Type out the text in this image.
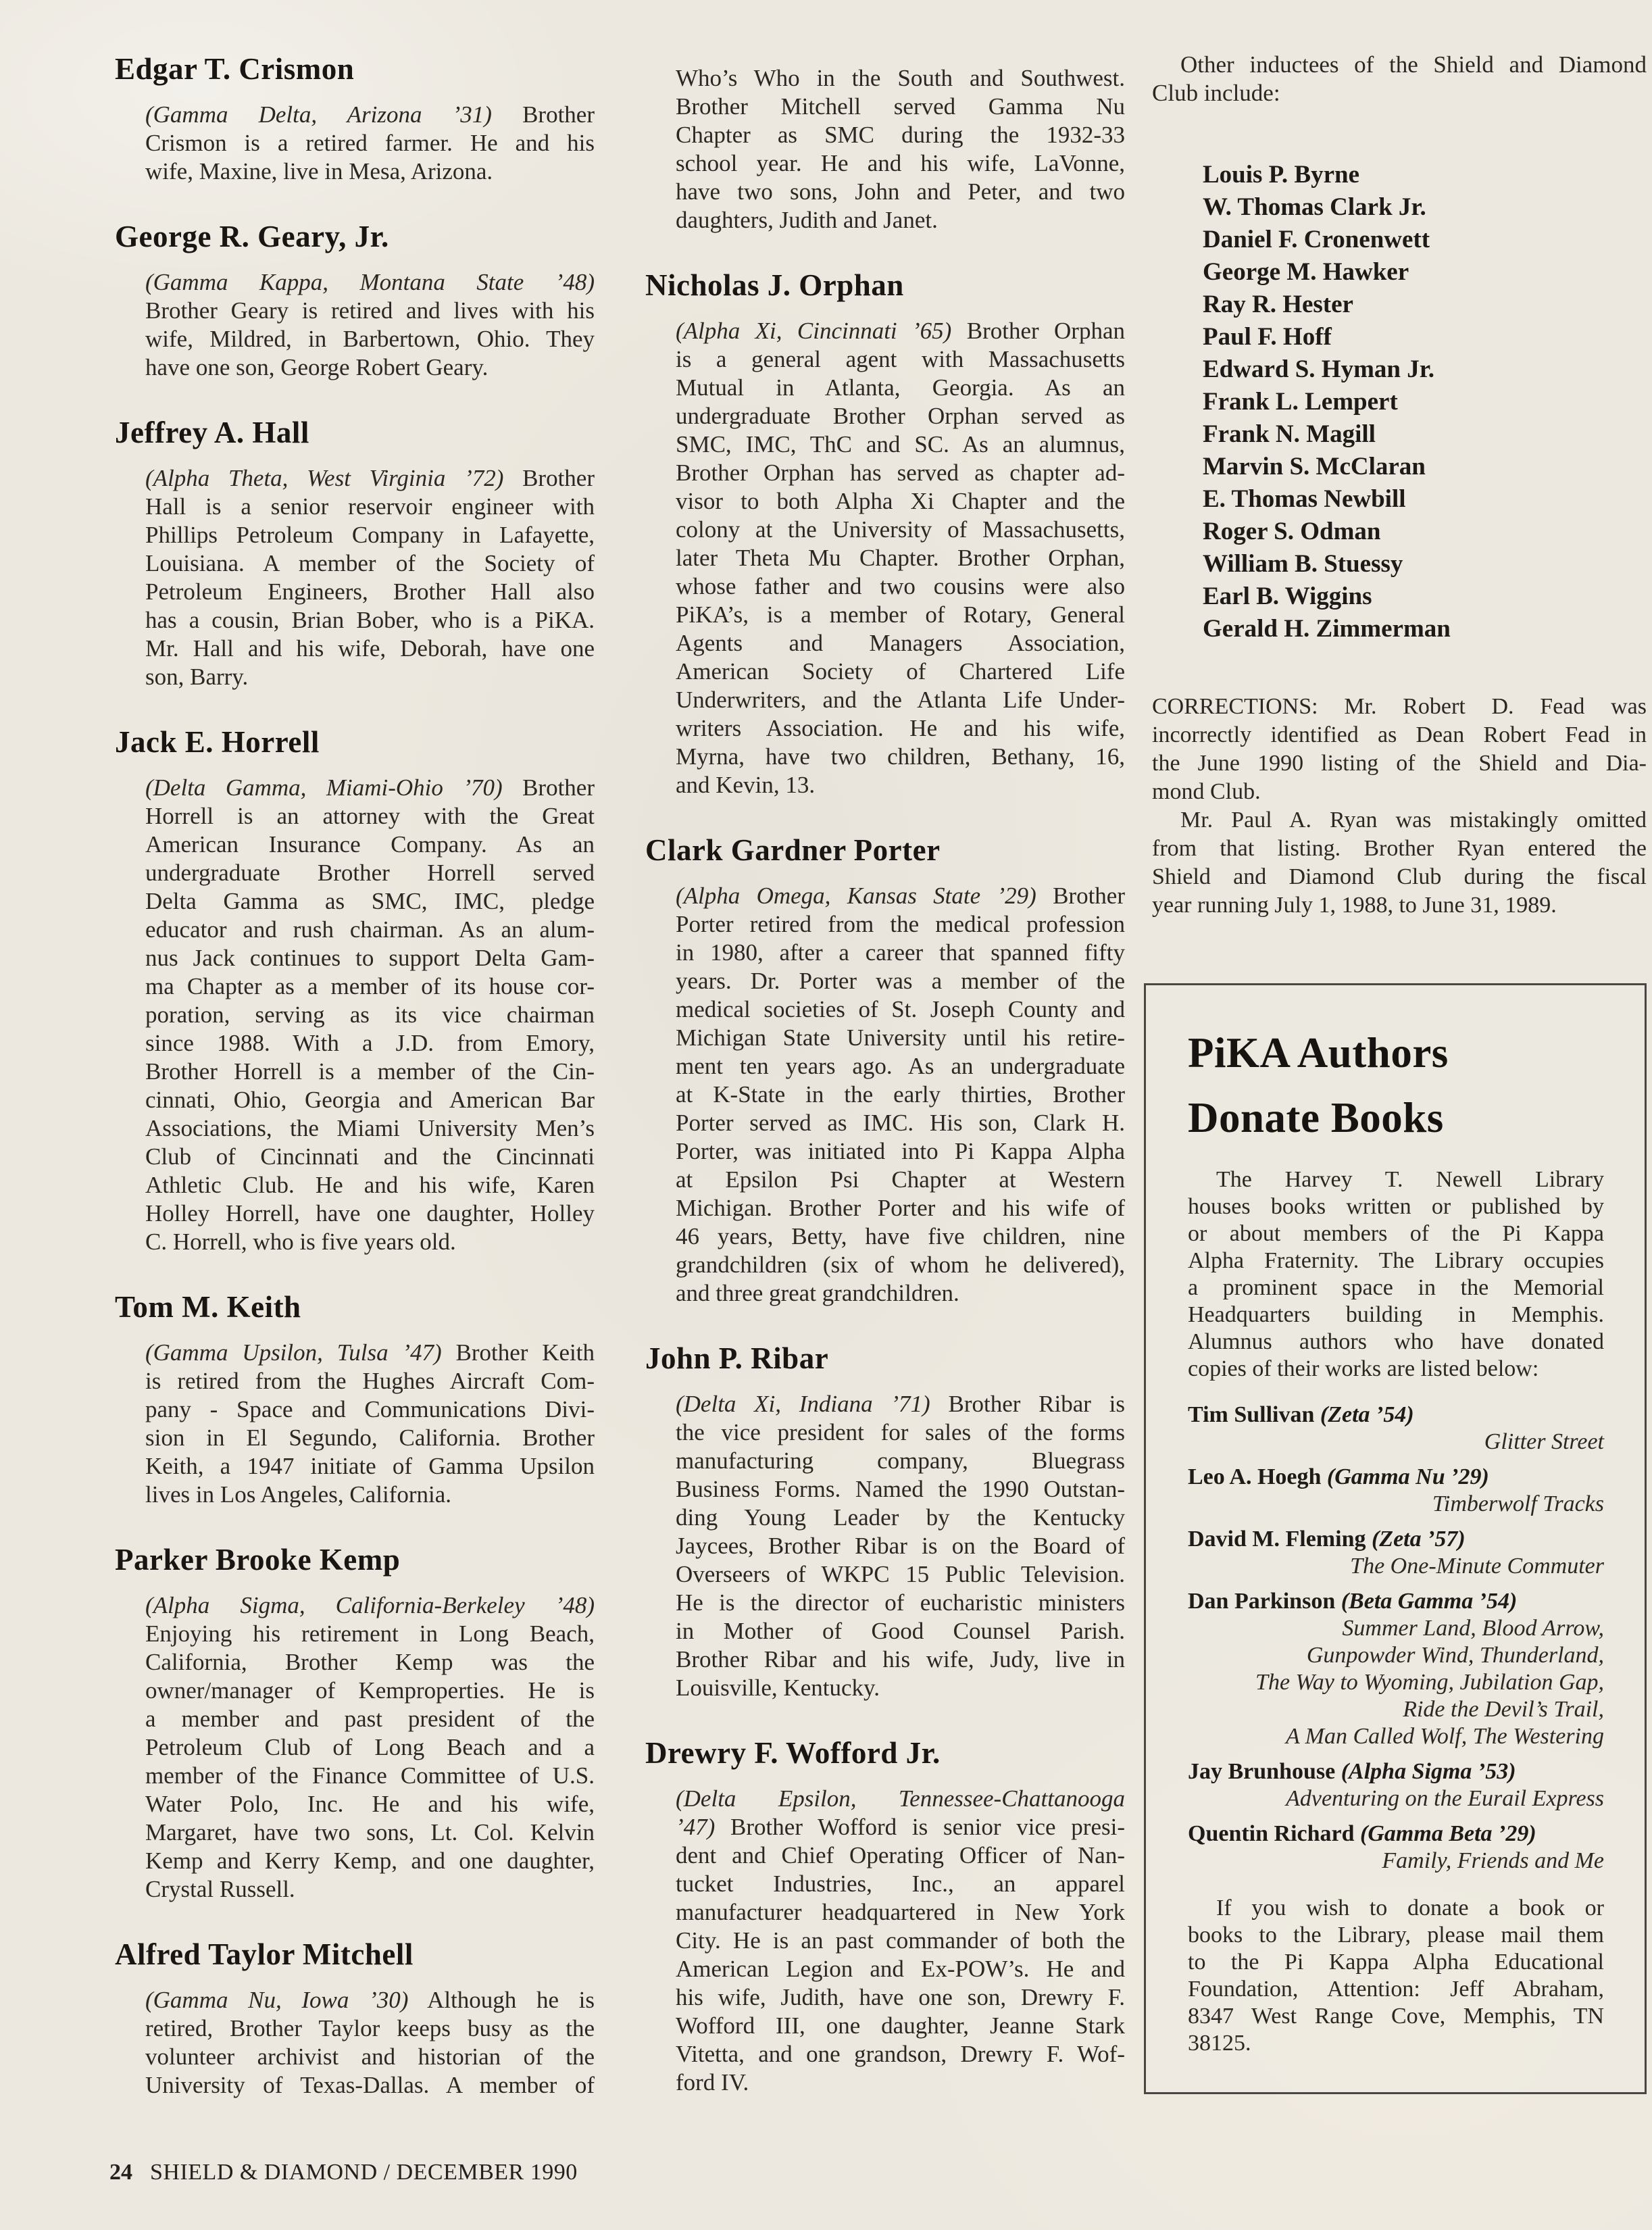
Edgar T. Crismon
(Gamma Delta, Arizona ’31) Brother
Crismon is a retired farmer. He and his
wife, Maxine, live in Mesa, Arizona.
George R. Geary, Jr.
(Gamma Kappa, Montana State ’48)
Brother Geary is retired and lives with his
wife, Mildred, in Barbertown, Ohio. They
have one son, George Robert Geary.
Jeffrey A. Hall
(Alpha Theta, West Virginia ’72) Brother
Hall is a senior reservoir engineer with
Phillips Petroleum Company in Lafayette,
Louisiana. A member of the Society of
Petroleum Engineers, Brother Hall also
has a cousin, Brian Bober, who is a PiKA.
Mr. Hall and his wife, Deborah, have one
son, Barry.
Jack E. Horrell
(Delta Gamma, Miami-Ohio ’70) Brother
Horrell is an attorney with the Great
American Insurance Company. As an
undergraduate Brother Horrell served
Delta Gamma as SMC, IMC, pledge
educator and rush chairman. As an alum-
nus Jack continues to support Delta Gam-
ma Chapter as a member of its house cor-
poration, serving as its vice chairman
since 1988. With a J.D. from Emory,
Brother Horrell is a member of the Cin-
cinnati, Ohio, Georgia and American Bar
Associations, the Miami University Men’s
Club of Cincinnati and the Cincinnati
Athletic Club. He and his wife, Karen
Holley Horrell, have one daughter, Holley
C. Horrell, who is five years old.
Tom M. Keith
(Gamma Upsilon, Tulsa ’47) Brother Keith
is retired from the Hughes Aircraft Com-
pany - Space and Communications Divi-
sion in El Segundo, California. Brother
Keith, a 1947 initiate of Gamma Upsilon
lives in Los Angeles, California.
Parker Brooke Kemp
(Alpha Sigma, California-Berkeley ’48)
Enjoying his retirement in Long Beach,
California, Brother Kemp was the
owner/manager of Kemproperties. He is
a member and past president of the
Petroleum Club of Long Beach and a
member of the Finance Committee of U.S.
Water Polo, Inc. He and his wife,
Margaret, have two sons, Lt. Col. Kelvin
Kemp and Kerry Kemp, and one daughter,
Crystal Russell.
Alfred Taylor Mitchell
(Gamma Nu, Iowa ’30) Although he is
retired, Brother Taylor keeps busy as the
volunteer archivist and historian of the
University of Texas-Dallas. A member of
Who’s Who in the South and Southwest.
Brother Mitchell served Gamma Nu
Chapter as SMC during the 1932-33
school year. He and his wife, LaVonne,
have two sons, John and Peter, and two
daughters, Judith and Janet.
Nicholas J. Orphan
(Alpha Xi, Cincinnati ’65) Brother Orphan
is a general agent with Massachusetts
Mutual in Atlanta, Georgia. As an
undergraduate Brother Orphan served as
SMC, IMC, ThC and SC. As an alumnus,
Brother Orphan has served as chapter ad-
visor to both Alpha Xi Chapter and the
colony at the University of Massachusetts,
later Theta Mu Chapter. Brother Orphan,
whose father and two cousins were also
PiKA’s, is a member of Rotary, General
Agents and Managers Association,
American Society of Chartered Life
Underwriters, and the Atlanta Life Under-
writers Association. He and his wife,
Myrna, have two children, Bethany, 16,
and Kevin, 13.
Clark Gardner Porter
(Alpha Omega, Kansas State ’29) Brother
Porter retired from the medical profession
in 1980, after a career that spanned fifty
years. Dr. Porter was a member of the
medical societies of St. Joseph County and
Michigan State University until his retire-
ment ten years ago. As an undergraduate
at K-State in the early thirties, Brother
Porter served as IMC. His son, Clark H.
Porter, was initiated into Pi Kappa Alpha
at Epsilon Psi Chapter at Western
Michigan. Brother Porter and his wife of
46 years, Betty, have five children, nine
grandchildren (six of whom he delivered),
and three great grandchildren.
John P. Ribar
(Delta Xi, Indiana ’71) Brother Ribar is
the vice president for sales of the forms
manufacturing company, Bluegrass
Business Forms. Named the 1990 Outstan-
ding Young Leader by the Kentucky
Jaycees, Brother Ribar is on the Board of
Overseers of WKPC 15 Public Television.
He is the director of eucharistic ministers
in Mother of Good Counsel Parish.
Brother Ribar and his wife, Judy, live in
Louisville, Kentucky.
Drewry F. Wofford Jr.
(Delta Epsilon, Tennessee-Chattanooga
’47) Brother Wofford is senior vice presi-
dent and Chief Operating Officer of Nan-
tucket Industries, Inc., an apparel
manufacturer headquartered in New York
City. He is an past commander of both the
American Legion and Ex-POW’s. He and
his wife, Judith, have one son, Drewry F.
Wofford III, one daughter, Jeanne Stark
Vitetta, and one grandson, Drewry F. Wof-
ford IV.
Other inductees of the Shield and Diamond
Club include:
Louis P. Byrne
W. Thomas Clark Jr.
Daniel F. Cronenwett
George M. Hawker
Ray R. Hester
Paul F. Hoff
Edward S. Hyman Jr.
Frank L. Lempert
Frank N. Magill
Marvin S. McClaran
E. Thomas Newbill
Roger S. Odman
William B. Stuessy
Earl B. Wiggins
Gerald H. Zimmerman
CORRECTIONS: Mr. Robert D. Fead was
incorrectly identified as Dean Robert Fead in
the June 1990 listing of the Shield and Dia-
mond Club.
Mr. Paul A. Ryan was mistakingly omitted
from that listing. Brother Ryan entered the
Shield and Diamond Club during the fiscal
year running July 1, 1988, to June 31, 1989.
PiKA Authors
Donate Books
The Harvey T. Newell Library
houses books written or published by
or about members of the Pi Kappa
Alpha Fraternity. The Library occupies
a prominent space in the Memorial
Headquarters building in Memphis.
Alumnus authors who have donated
copies of their works are listed below:
Tim Sullivan (Zeta ’54)
Glitter Street
Leo A. Hoegh (Gamma Nu ’29)
Timberwolf Tracks
David M. Fleming (Zeta ’57)
The One-Minute Commuter
Dan Parkinson (Beta Gamma ’54)
Summer Land, Blood Arrow,
Gunpowder Wind, Thunderland,
The Way to Wyoming, Jubilation Gap,
Ride the Devil’s Trail,
A Man Called Wolf, The Westering
Jay Brunhouse (Alpha Sigma ’53)
Adventuring on the Eurail Express
Quentin Richard (Gamma Beta ’29)
Family, Friends and Me
If you wish to donate a book or
books to the Library, please mail them
to the Pi Kappa Alpha Educational
Foundation, Attention: Jeff Abraham,
8347 West Range Cove, Memphis, TN
38125.
24 SHIELD & DIAMOND / DECEMBER 1990
